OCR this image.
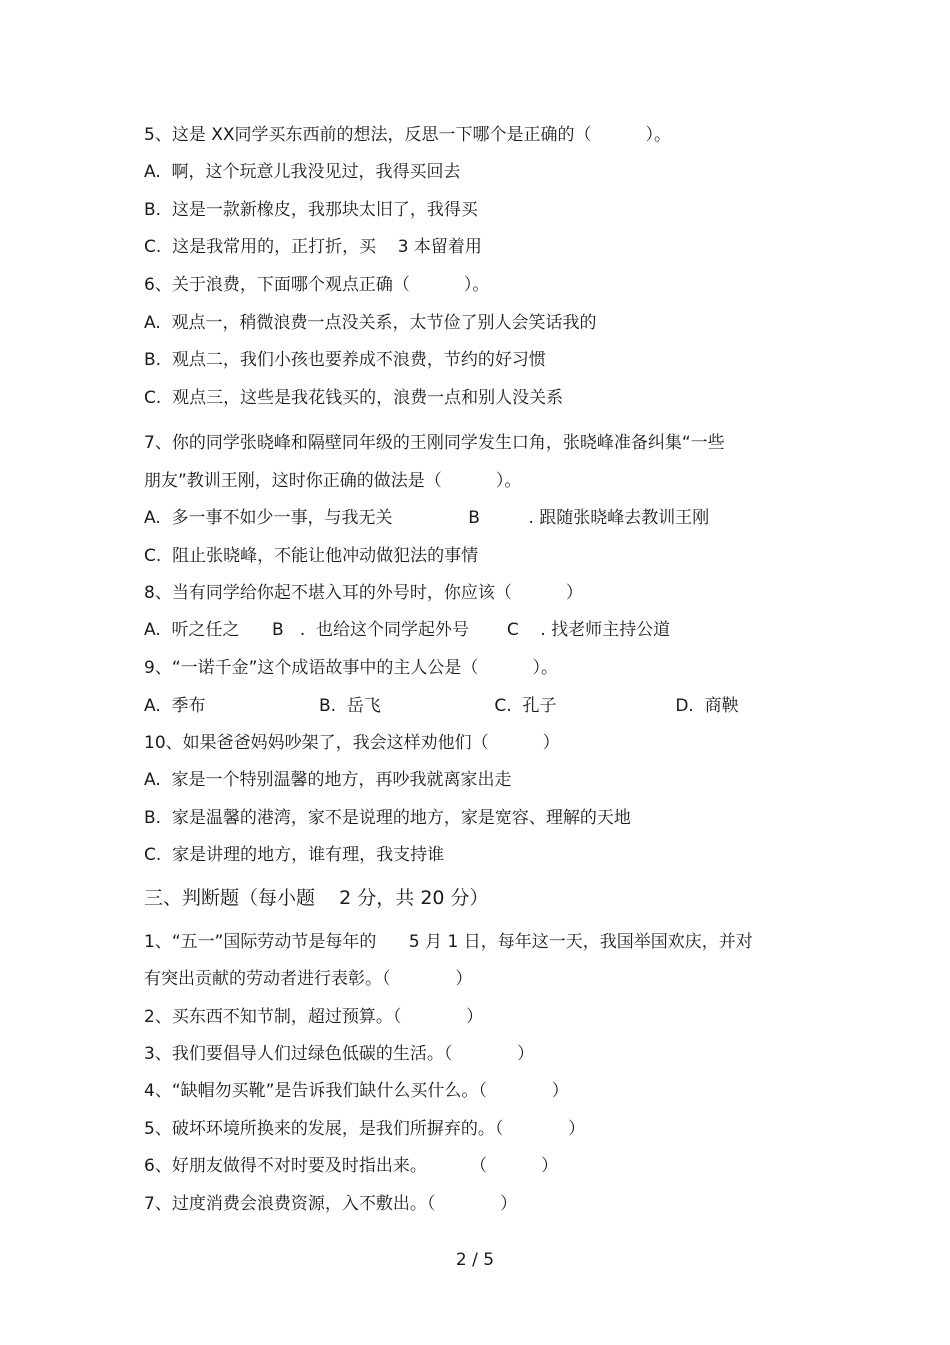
5、这是 XX同学买东西前的想法，反思一下哪个是正确的（          ）。
A.  啊，这个玩意儿我没见过，我得买回去
B.  这是一款新橡皮，我那块太旧了，我得买
C.  这是我常用的，正打折，买    3 本留着用
6、关于浪费，下面哪个观点正确（          ）。
A.  观点一，稍微浪费一点没关系，太节俭了别人会笑话我的
B.  观点二，我们小孩也要养成不浪费，节约的好习惯
C.  观点三，这些是我花钱买的，浪费一点和别人没关系
7、你的同学张晓峰和隔壁同年级的王刚同学发生口角，张晓峰准备纠集“一些
朋友”教训王刚，这时你正确的做法是（          ）。
A.  多一事不如少一事，与我无关              B         . 跟随张晓峰去教训王刚
C.  阻止张晓峰，不能让他冲动做犯法的事情
8、当有同学给你起不堪入耳的外号时，你应该（          ）
A.  听之任之      B   .  也给这个同学起外号       C    . 找老师主持公道
9、“一诺千金”这个成语故事中的主人公是（          ）。
A.  季布                     B.  岳飞                     C.  孔子                      D.  商鞅
10、如果爸爸妈妈吵架了，我会这样劝他们（          ）
A.  家是一个特别温馨的地方，再吵我就离家出走
B.  家是温馨的港湾，家不是说理的地方，家是宽容、理解的天地
C.  家是讲理的地方，谁有理，我支持谁
三、判断题（每小题    2 分，共 20 分）
1、“五一”国际劳动节是每年的      5 月 1 日，每年这一天，我国举国欢庆，并对
有突出贡献的劳动者进行表彰。（            ）
2、买东西不知节制，超过预算。（            ）
3、我们要倡导人们过绿色低碳的生活。（            ）
4、“缺帽勿买靴”是告诉我们缺什么买什么。（            ）
5、破坏环境所换来的发展，是我们所摒弃的。（            ）
6、好朋友做得不对时要及时指出来。        （          ）
7、过度消费会浪费资源，入不敷出。（            ）
2 / 5
